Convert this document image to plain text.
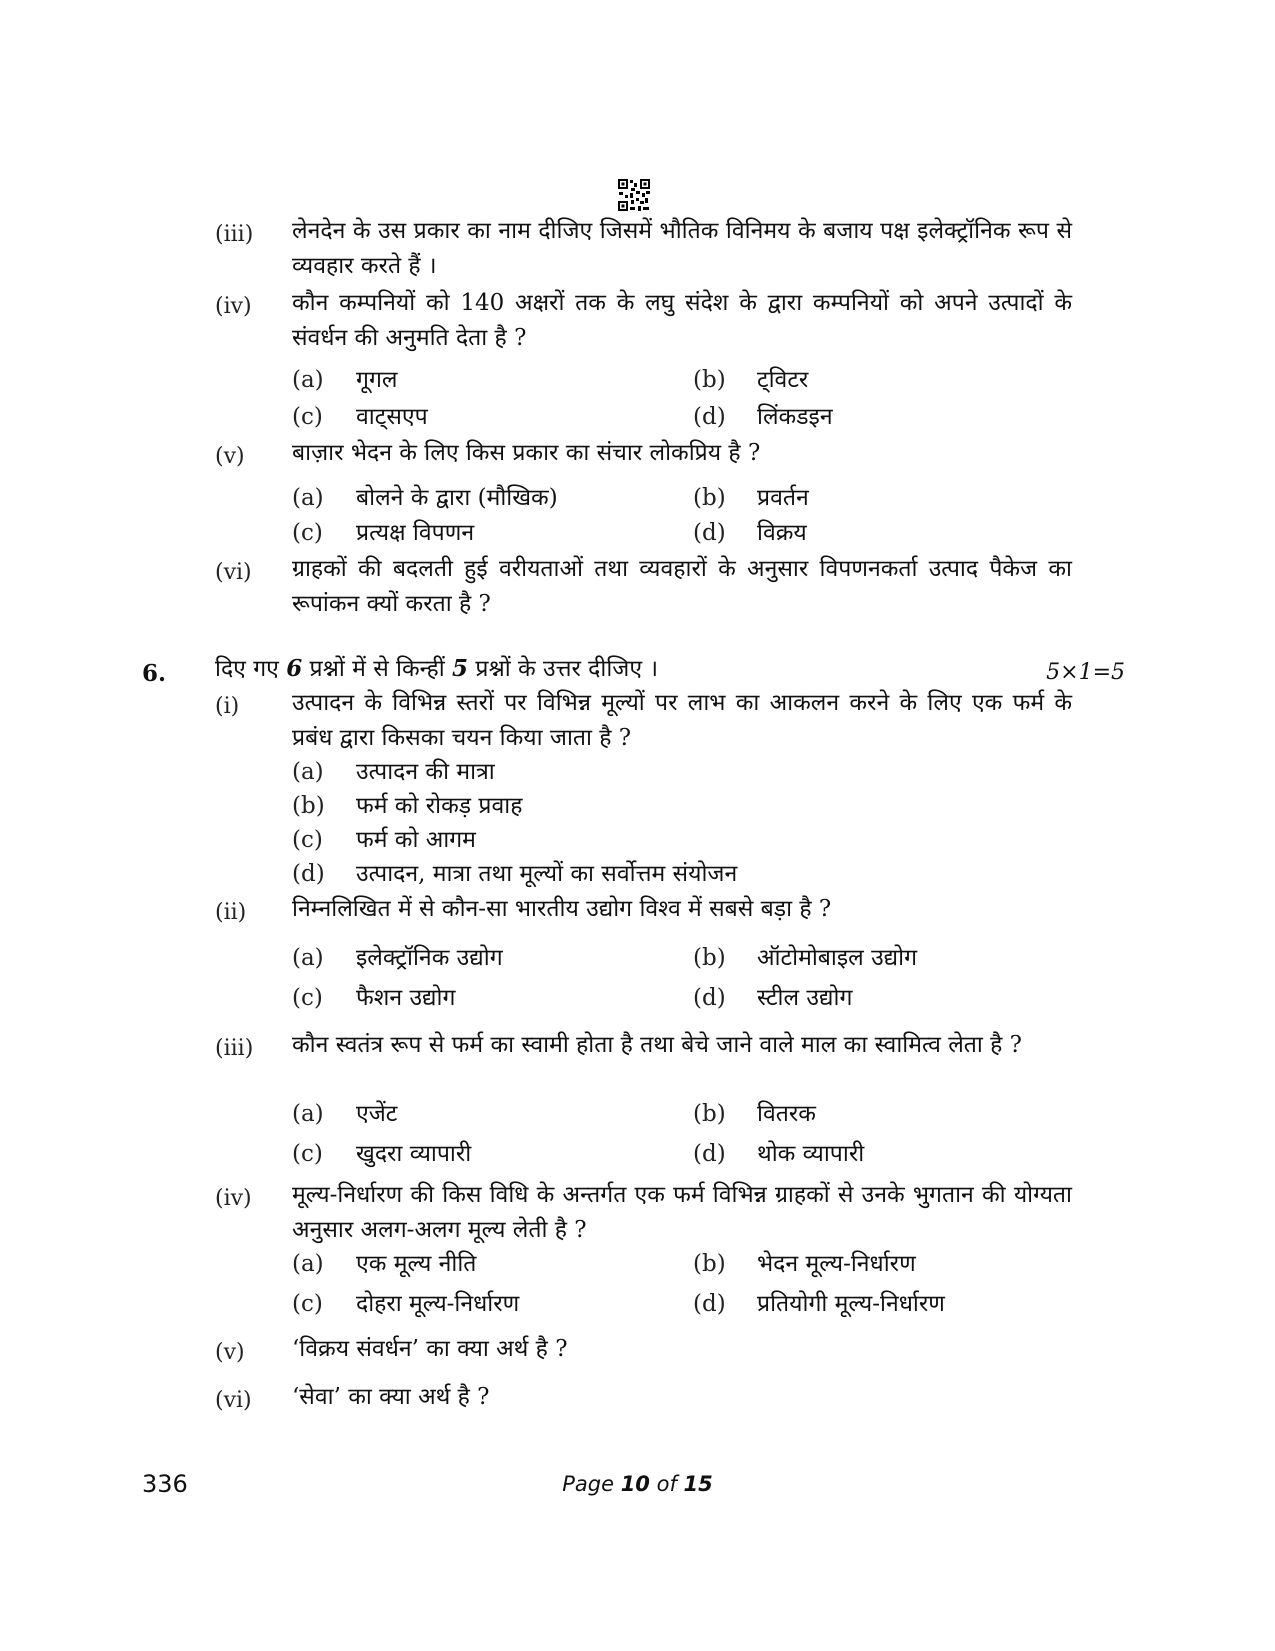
(iii) लेनदेन के उस प्रकार का नाम दीजिए जिसमें भौतिक विनिमय के बजाय पक्ष इलेक्ट्रॉनिक रूप से व्यवहार करते हैं ।
(iv) कौन कम्पनियों को 140 अक्षरों तक के लघु संदेश के द्वारा कम्पनियों को अपने उत्पादों के संवर्धन की अनुमति देता है ?
(a) गूगल	(b) ट्विटर
(c) वाट्सएप	(d) लिंकडइन
(v) बाज़ार भेदन के लिए किस प्रकार का संचार लोकप्रिय है ?
(a) बोलने के द्वारा (मौखिक)	(b) प्रवर्तन
(c) प्रत्यक्ष विपणन	(d) विक्रय
(vi) ग्राहकों की बदलती हुई वरीयताओं तथा व्यवहारों के अनुसार विपणनकर्ता उत्पाद पैकेज का रूपांकन क्यों करता है ?
6. दिए गए 6 प्रश्नों में से किन्हीं 5 प्रश्नों के उत्तर दीजिए ।	5×1=5
(i) उत्पादन के विभिन्न स्तरों पर विभिन्न मूल्यों पर लाभ का आकलन करने के लिए एक फर्म के प्रबंध द्वारा किसका चयन किया जाता है ?
(a) उत्पादन की मात्रा
(b) फर्म को रोकड़ प्रवाह
(c) फर्म को आगम
(d) उत्पादन, मात्रा तथा मूल्यों का सर्वोत्तम संयोजन
(ii) निम्नलिखित में से कौन-सा भारतीय उद्योग विश्व में सबसे बड़ा है ?
(a) इलेक्ट्रॉनिक उद्योग	(b) ऑटोमोबाइल उद्योग
(c) फैशन उद्योग	(d) स्टील उद्योग
(iii) कौन स्वतंत्र रूप से फर्म का स्वामी होता है तथा बेचे जाने वाले माल का स्वामित्व लेता है ?
(a) एजेंट	(b) वितरक
(c) खुदरा व्यापारी	(d) थोक व्यापारी
(iv) मूल्य-निर्धारण की किस विधि के अन्तर्गत एक फर्म विभिन्न ग्राहकों से उनके भुगतान की योग्यता अनुसार अलग-अलग मूल्य लेती है ?
(a) एक मूल्य नीति	(b) भेदन मूल्य-निर्धारण
(c) दोहरा मूल्य-निर्धारण	(d) प्रतियोगी मूल्य-निर्धारण
(v) ‘विक्रय संवर्धन’ का क्या अर्थ है ?
(vi) ‘सेवा’ का क्या अर्थ है ?
336	Page 10 of 15
